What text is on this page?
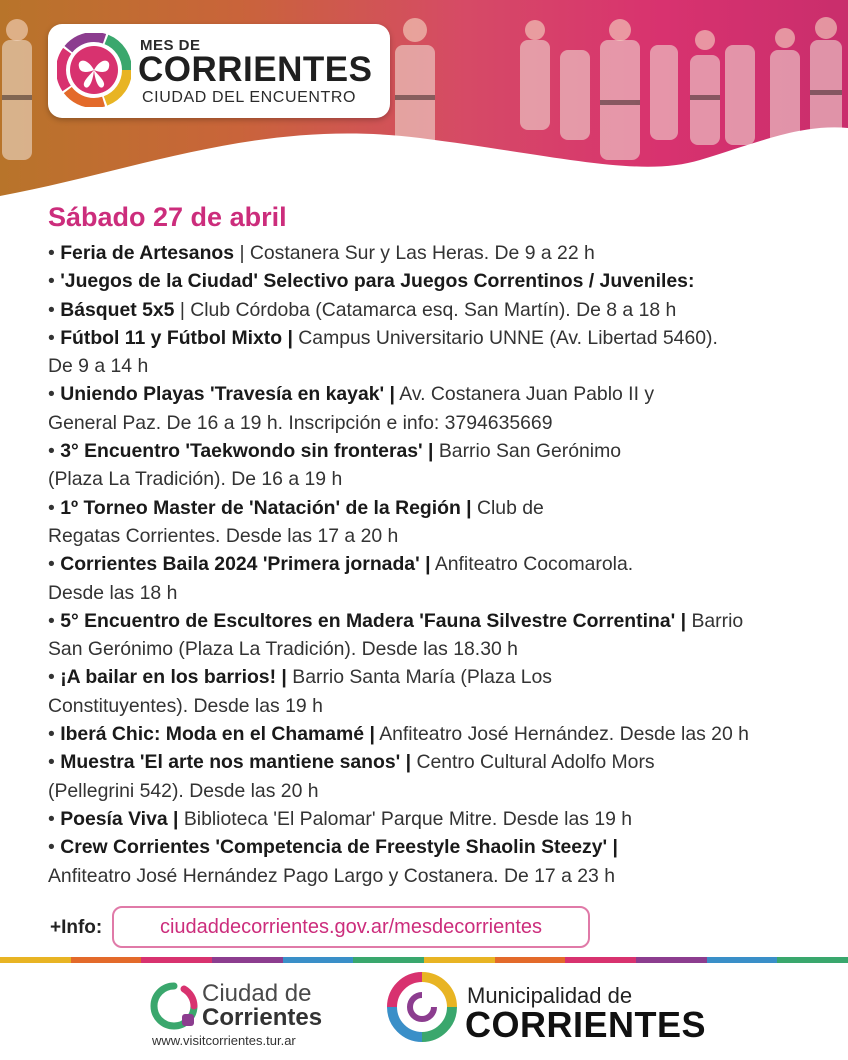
MES DE
CORRIENTES
CIUDAD DEL ENCUENTRO
Sábado 27 de abril
• Feria de Artesanos | Costanera Sur y Las Heras. De 9 a 22 h
• 'Juegos de la Ciudad' Selectivo para Juegos Correntinos / Juveniles:
• Básquet 5x5 | Club Córdoba (Catamarca esq. San Martín). De 8 a 18 h
• Fútbol 11 y Fútbol Mixto | Campus Universitario UNNE (Av. Libertad 5460).
De 9 a 14 h
• Uniendo Playas 'Travesía en kayak' | Av. Costanera Juan Pablo II y
General Paz. De 16 a 19 h. Inscripción e info: 3794635669
• 3° Encuentro 'Taekwondo sin fronteras' | Barrio San Gerónimo
(Plaza La Tradición). De 16 a 19 h
• 1º Torneo Master de 'Natación' de la Región | Club de
Regatas Corrientes. Desde las 17 a 20 h
• Corrientes Baila 2024 'Primera jornada' | Anfiteatro Cocomarola.
Desde las 18 h
• 5° Encuentro de Escultores en Madera 'Fauna Silvestre Correntina' | Barrio
San Gerónimo (Plaza La Tradición). Desde las 18.30 h
• ¡A bailar en los barrios! | Barrio Santa María (Plaza Los
Constituyentes). Desde las 19 h
• Iberá Chic: Moda en el Chamamé | Anfiteatro José Hernández. Desde las 20 h
• Muestra 'El arte nos mantiene sanos' | Centro Cultural Adolfo Mors
(Pellegrini 542). Desde las 20 h
• Poesía Viva | Biblioteca 'El Palomar' Parque Mitre. Desde las 19 h
• Crew Corrientes 'Competencia de Freestyle Shaolin Steezy' |
Anfiteatro José Hernández Pago Largo y Costanera. De 17 a 23 h
+Info:	ciudaddecorrientes.gov.ar/mesdecorrientes
Ciudad de
Corrientes
www.visitcorrientes.tur.ar
Municipalidad de
CORRIENTES
